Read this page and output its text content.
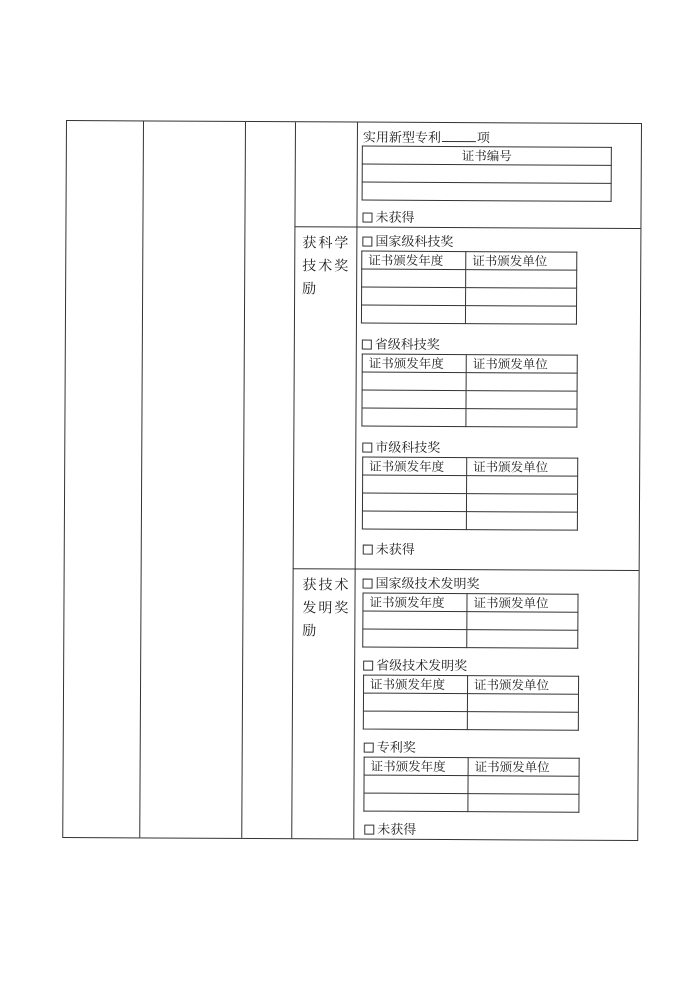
实用新型专利	项
证书编号

未获得
获科学技术奖励
国家级科技奖
证书颁发年度	证书颁发单位

省级科技奖
证书颁发年度	证书颁发单位

市级科技奖
证书颁发年度	证书颁发单位

未获得
获技术发明奖励
国家级技术发明奖
证书颁发年度	证书颁发单位

省级技术发明奖
证书颁发年度	证书颁发单位

专利奖
证书颁发年度	证书颁发单位

未获得
